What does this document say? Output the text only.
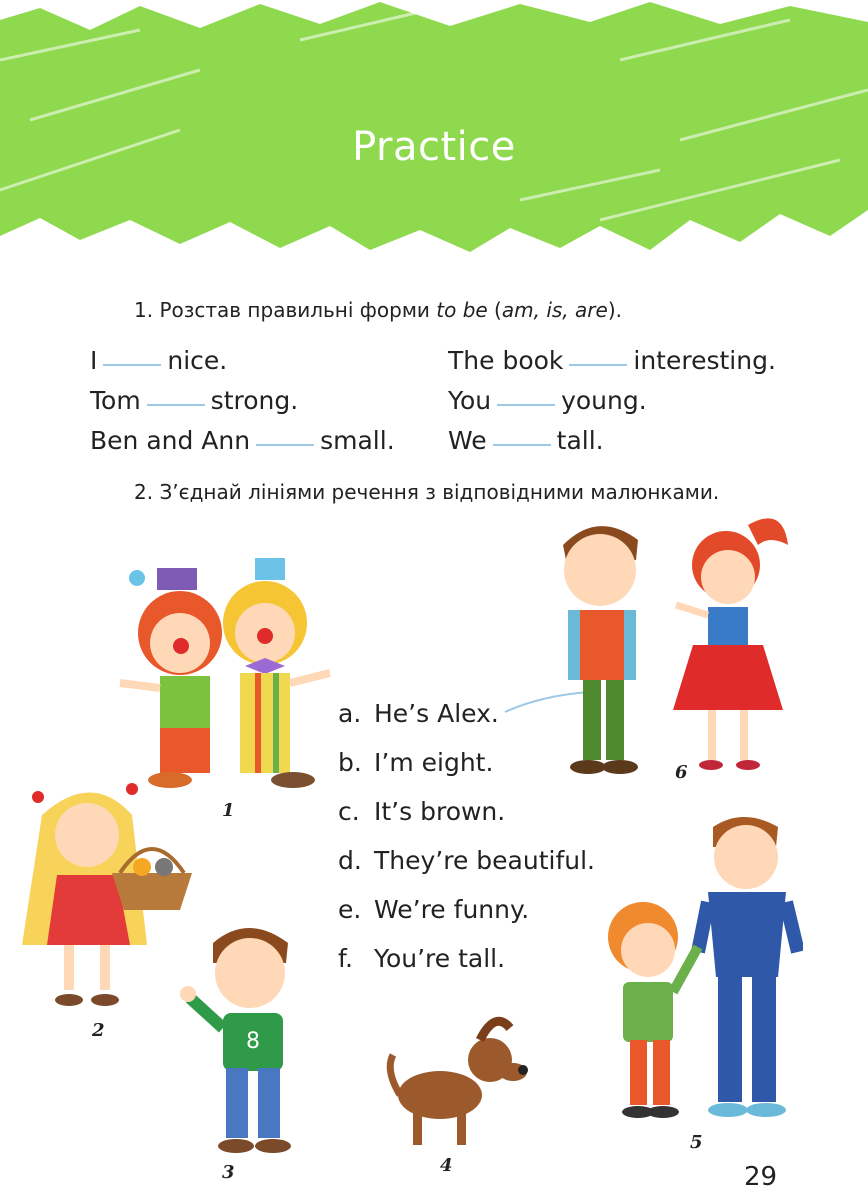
Practice
1. Розстав правильні форми to be (am, is, are).
I	nice.
Tom	strong.
Ben and Ann	small.
The book	interesting.
You	young.
We	tall.
2. З’єднай лініями речення з відповідними малюнками.
a. He’s Alex.
b. I’m eight.
c. It’s brown.
d. They’re beautiful.
e. We’re funny.
f. You’re tall.
1
2	8
3	4
5
6
29
